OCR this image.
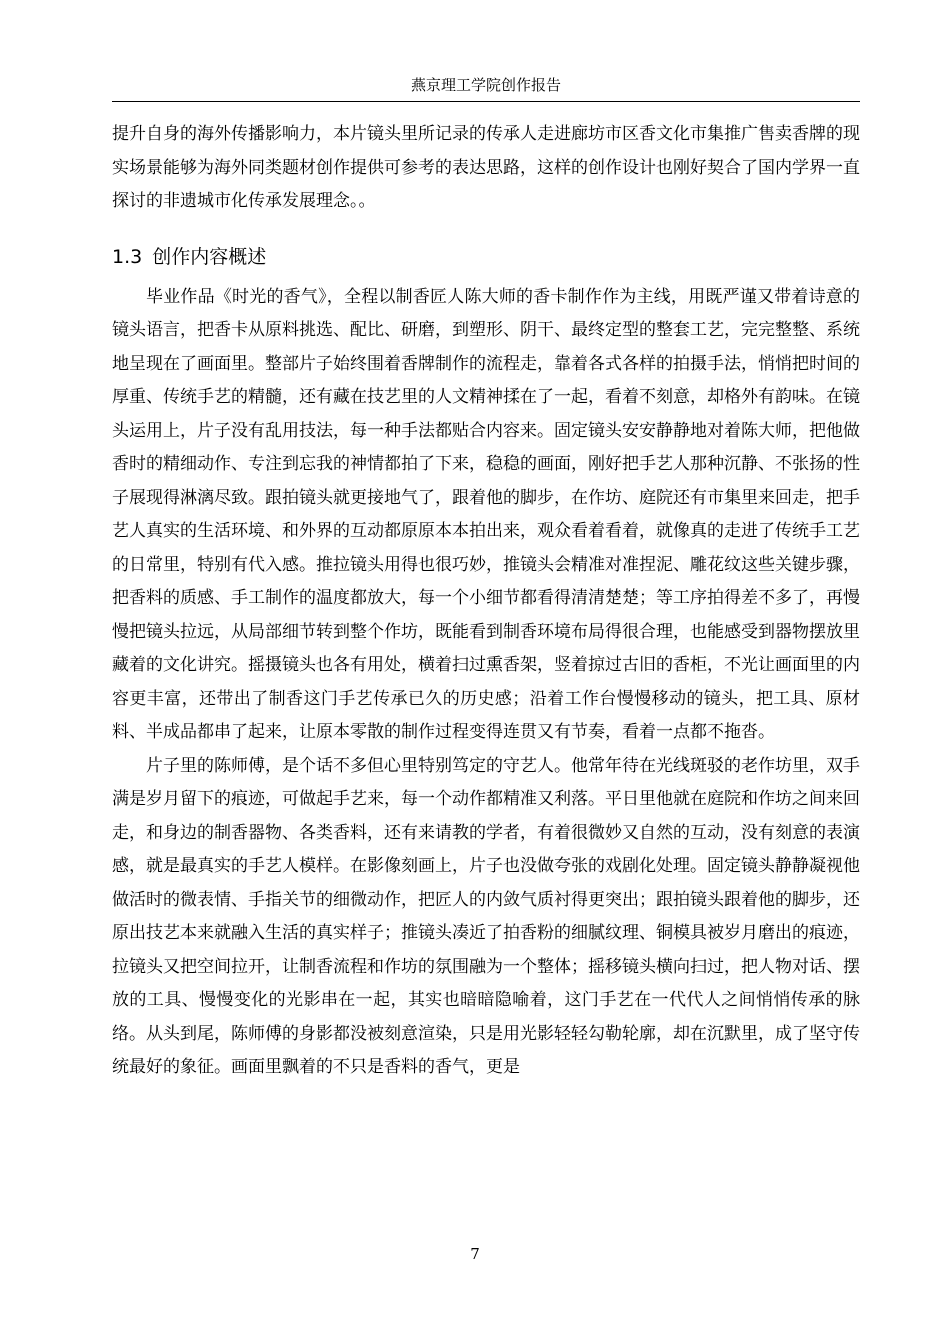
燕京理工学院创作报告

提升自身的海外传播影响力，本片镜头里所记录的传承人走进廊坊市区香文化市集推广售卖香牌的现实场景能够为海外同类题材创作提供可参考的表达思路，这样的创作设计也刚好契合了国内学界一直探讨的非遗城市化传承发展理念。。

1.3 创作内容概述

毕业作品《时光的香气》，全程以制香匠人陈大师的香卡制作作为主线，用既严谨又带着诗意的镜头语言，把香卡从原料挑选、配比、研磨，到塑形、阴干、最终定型的整套工艺，完完整整、系统地呈现在了画面里。整部片子始终围着香牌制作的流程走，靠着各式各样的拍摄手法，悄悄把时间的厚重、传统手艺的精髓，还有藏在技艺里的人文精神揉在了一起，看着不刻意，却格外有韵味。在镜头运用上，片子没有乱用技法，每一种手法都贴合内容来。固定镜头安安静静地对着陈大师，把他做香时的精细动作、专注到忘我的神情都拍了下来，稳稳的画面，刚好把手艺人那种沉静、不张扬的性子展现得淋漓尽致。跟拍镜头就更接地气了，跟着他的脚步，在作坊、庭院还有市集里来回走，把手艺人真实的生活环境、和外界的互动都原原本本拍出来，观众看着看着，就像真的走进了传统手工艺的日常里，特别有代入感。推拉镜头用得也很巧妙，推镜头会精准对准捏泥、雕花纹这些关键步骤，把香料的质感、手工制作的温度都放大，每一个小细节都看得清清楚楚；等工序拍得差不多了，再慢慢把镜头拉远，从局部细节转到整个作坊，既能看到制香环境布局得很合理，也能感受到器物摆放里藏着的文化讲究。摇摄镜头也各有用处，横着扫过熏香架，竖着掠过古旧的香柜，不光让画面里的内容更丰富，还带出了制香这门手艺传承已久的历史感；沿着工作台慢慢移动的镜头，把工具、原材料、半成品都串了起来，让原本零散的制作过程变得连贯又有节奏，看着一点都不拖沓。

片子里的陈师傅，是个话不多但心里特别笃定的守艺人。他常年待在光线斑驳的老作坊里，双手满是岁月留下的痕迹，可做起手艺来，每一个动作都精准又利落。平日里他就在庭院和作坊之间来回走，和身边的制香器物、各类香料，还有来请教的学者，有着很微妙又自然的互动，没有刻意的表演感，就是最真实的手艺人模样。在影像刻画上，片子也没做夸张的戏剧化处理。固定镜头静静凝视他做活时的微表情、手指关节的细微动作，把匠人的内敛气质衬得更突出；跟拍镜头跟着他的脚步，还原出技艺本来就融入生活的真实样子；推镜头凑近了拍香粉的细腻纹理、铜模具被岁月磨出的痕迹，拉镜头又把空间拉开，让制香流程和作坊的氛围融为一个整体；摇移镜头横向扫过，把人物对话、摆放的工具、慢慢变化的光影串在一起，其实也暗暗隐喻着，这门手艺在一代代人之间悄悄传承的脉络。从头到尾，陈师傅的身影都没被刻意渲染，只是用光影轻轻勾勒轮廓，却在沉默里，成了坚守传统最好的象征。画面里飘着的不只是香料的香气，更是

7
